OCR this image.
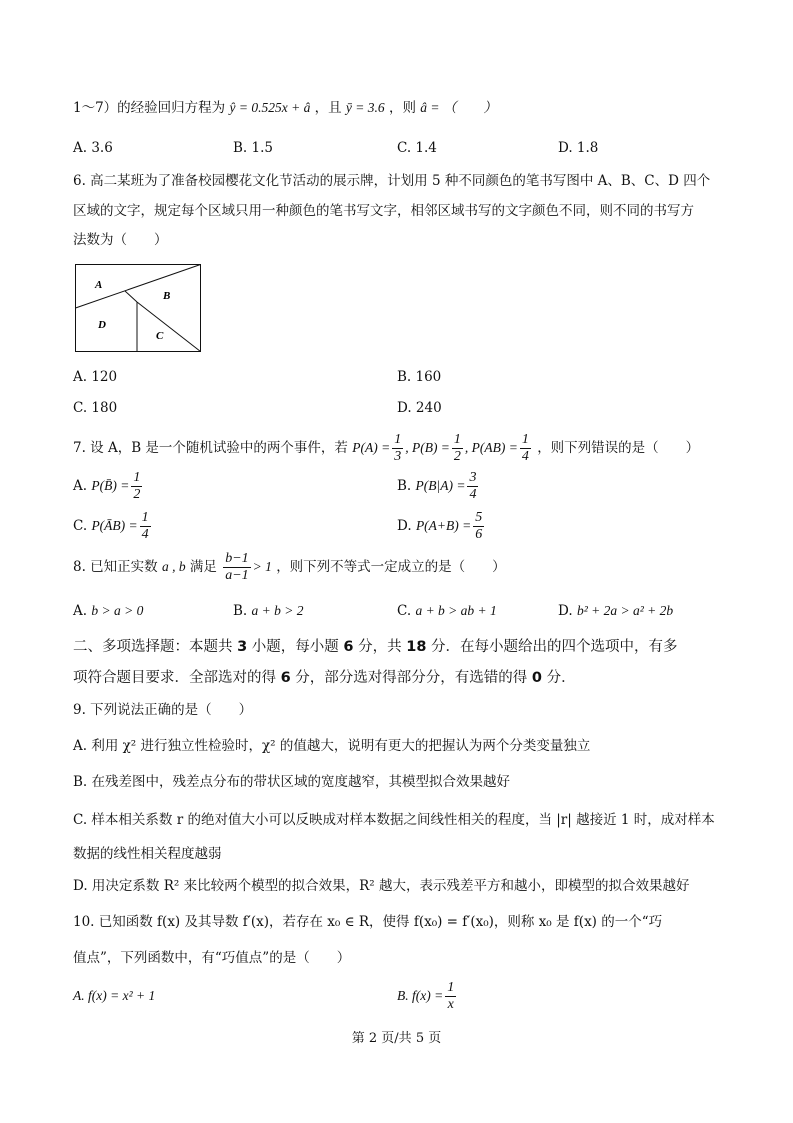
1～7）的经验回归方程为 ŷ = 0.525x + â ，且 ȳ = 3.6 ，则 â = （　　）
A. 3.6	B. 1.5	C. 1.4	D. 1.8
6. 高二某班为了准备校园樱花文化节活动的展示牌，计划用 5 种不同颜色的笔书写图中 A、B、C、D 四个
区域的文字，规定每个区域只用一种颜色的笔书写文字，相邻区域书写的文字颜色不同，则不同的书写方
法数为（　　）
A
B
D
C
A. 120	B. 160
C. 180	D. 240
7. 设 A，B 是一个随机试验中的两个事件，若 $P(A) = \frac{1}{3}$ , $P(B) = \frac{1}{2}$ , $P(AB) = \frac{1}{4}$ ，则下列错误的是（　　）
A. P(B̄) = $\frac{1}{2}$	B. $P(B|A) = \frac{3}{4}$
C. P(ĀB) = $\frac{1}{4}$	D. $P(A+B) = \frac{5}{6}$
8. 已知正实数 a , b 满足 $\frac{b-1}{a-1} > 1$ ，则下列不等式一定成立的是（　　）
A. b > a > 0	B. a + b > 2	C. a + b > ab + 1	D. b² + 2a > a² + 2b
二、多项选择题：本题共 3 小题，每小题 6 分，共 18 分．在每小题给出的四个选项中，有多
项符合题目要求．全部选对的得 6 分，部分选对得部分分，有选错的得 0 分．
9. 下列说法正确的是（　　）
A. 利用 χ² 进行独立性检验时，χ² 的值越大，说明有更大的把握认为两个分类变量独立
B. 在残差图中，残差点分布的带状区域的宽度越窄，其模型拟合效果越好
C. 样本相关系数 r 的绝对值大小可以反映成对样本数据之间线性相关的程度，当 |r| 越接近 1 时，成对样本
数据的线性相关程度越弱
D. 用决定系数 R² 来比较两个模型的拟合效果，R² 越大，表示残差平方和越小，即模型的拟合效果越好
10. 已知函数 f(x) 及其导数 f′(x)，若存在 x₀ ∈ R，使得 f(x₀) = f′(x₀)，则称 x₀ 是 f(x) 的一个“巧
值点”，下列函数中，有“巧值点”的是（　　）
A. f(x) = x² + 1	B. $f(x) = \frac{1}{x}$
第 2 页/共 5 页
